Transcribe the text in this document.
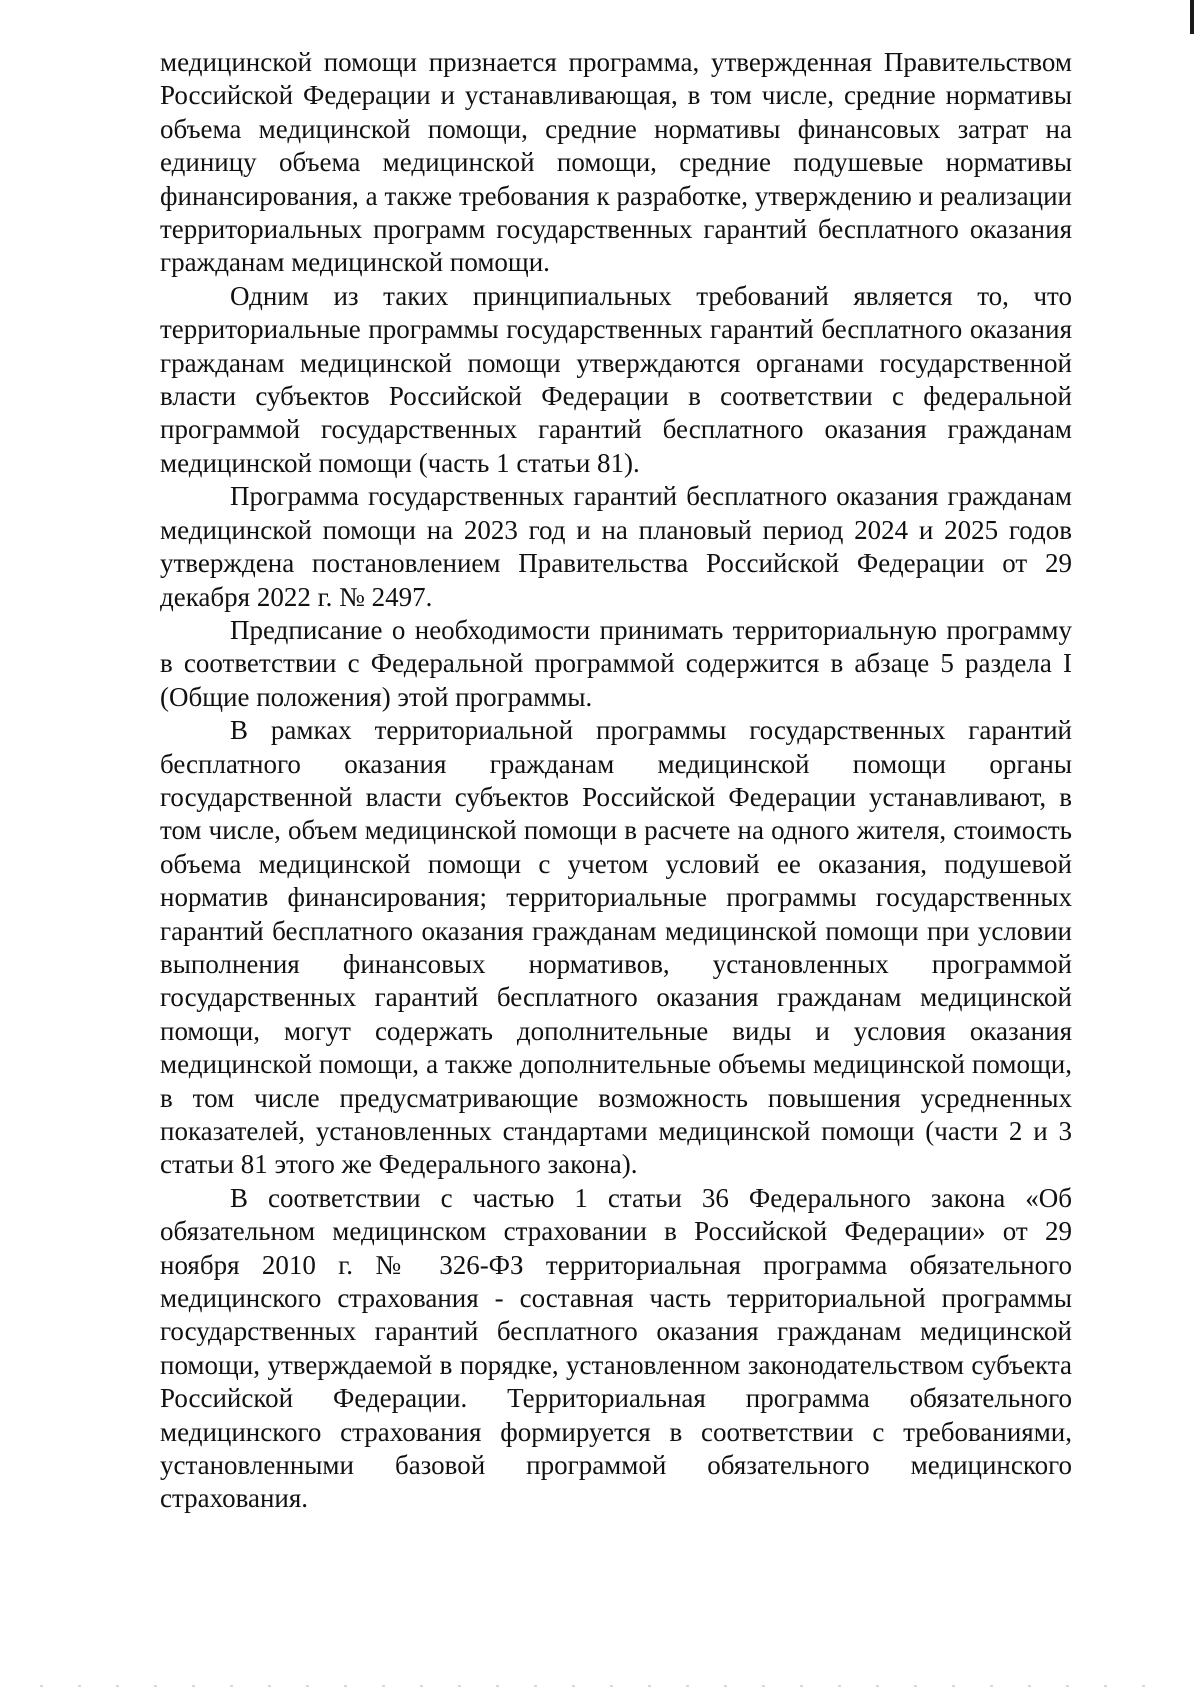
медицинской помощи признается программа, утвержденная Правительством Российской Федерации и устанавливающая, в том числе, средние нормативы объема медицинской помощи, средние нормативы финансовых затрат на единицу объема медицинской помощи, средние подушевые нормативы финансирования, а также требования к разработке, утверждению и реализации территориальных программ государственных гарантий бесплатного оказания гражданам медицинской помощи.

Одним из таких принципиальных требований является то, что территориальные программы государственных гарантий бесплатного оказания гражданам медицинской помощи утверждаются органами государственной власти субъектов Российской Федерации в соответствии с федеральной программой государственных гарантий бесплатного оказания гражданам медицинской помощи (часть 1 статьи 81).

Программа государственных гарантий бесплатного оказания гражданам медицинской помощи на 2023 год и на плановый период 2024 и 2025 годов утверждена постановлением Правительства Российской Федерации от 29 декабря 2022 г. № 2497.

Предписание о необходимости принимать территориальную программу в соответствии с Федеральной программой содержится в абзаце 5 раздела I (Общие положения) этой программы.

В рамках территориальной программы государственных гарантий бесплатного оказания гражданам медицинской помощи органы государственной власти субъектов Российской Федерации устанавливают, в том числе, объем медицинской помощи в расчете на одного жителя, стоимость объема медицинской помощи с учетом условий ее оказания, подушевой норматив финансирования; территориальные программы государственных гарантий бесплатного оказания гражданам медицинской помощи при условии выполнения финансовых нормативов, установленных программой государственных гарантий бесплатного оказания гражданам медицинской помощи, могут содержать дополнительные виды и условия оказания медицинской помощи, а также дополнительные объемы медицинской помощи, в том числе предусматривающие возможность повышения усредненных показателей, установленных стандартами медицинской помощи (части 2 и 3 статьи 81 этого же Федерального закона).

В соответствии с частью 1 статьи 36 Федерального закона «Об обязательном медицинском страховании в Российской Федерации» от 29 ноября 2010 г. № 326-ФЗ территориальная программа обязательного медицинского страхования - составная часть территориальной программы государственных гарантий бесплатного оказания гражданам медицинской помощи, утверждаемой в порядке, установленном законодательством субъекта Российской Федерации. Территориальная программа обязательного медицинского страхования формируется в соответствии с требованиями, установленными базовой программой обязательного медицинского страхования.
